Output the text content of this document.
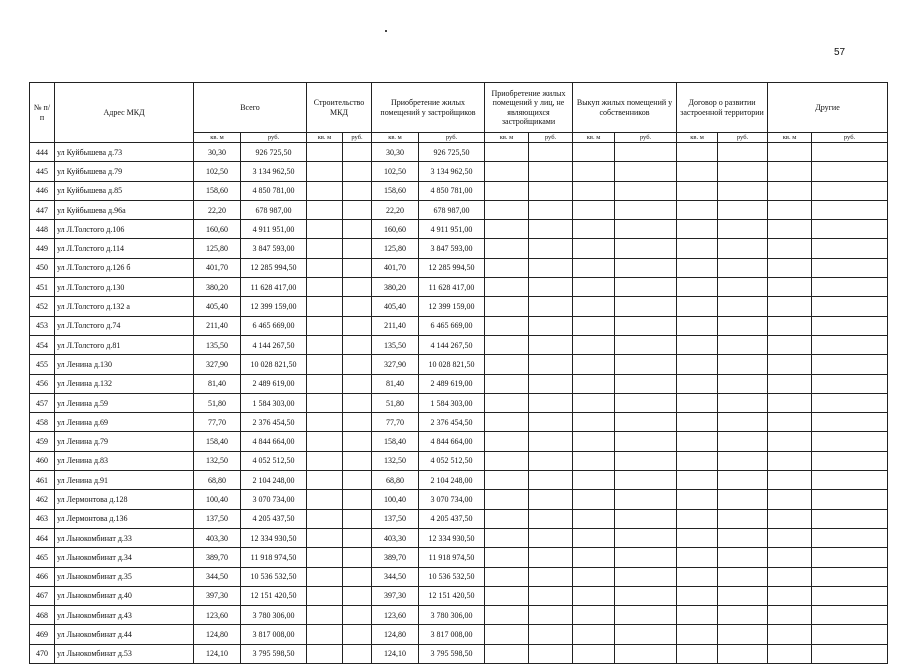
57
№ п/п	Адрес МКД	Всего		Строительство МКД		Приобретение жилых помещений у застройщиков		Приобретение жилых помещений у лиц, не являющихся застройщиками		Выкуп жилых помещений у собственников		Договор о развитии застроенной территории		Другие	
		кв. м	руб.	кв. м	руб.	кв. м	руб.	кв. м	руб.	кв. м	руб.	кв. м	руб.	кв. м	руб.
444	ул Куйбышева д.73	30,30	926 725,50			30,30	926 725,50								
445	ул Куйбышева д.79	102,50	3 134 962,50			102,50	3 134 962,50								
446	ул Куйбышева д.85	158,60	4 850 781,00			158,60	4 850 781,00								
447	ул Куйбышева д.96а	22,20	678 987,00			22,20	678 987,00								
448	ул Л.Толстого д.106	160,60	4 911 951,00			160,60	4 911 951,00								
449	ул Л.Толстого д.114	125,80	3 847 593,00			125,80	3 847 593,00								
450	ул Л.Толстого д.126 б	401,70	12 285 994,50			401,70	12 285 994,50								
451	ул Л.Толстого д.130	380,20	11 628 417,00			380,20	11 628 417,00								
452	ул Л.Толстого д.132 а	405,40	12 399 159,00			405,40	12 399 159,00								
453	ул Л.Толстого д.74	211,40	6 465 669,00			211,40	6 465 669,00								
454	ул Л.Толстого д.81	135,50	4 144 267,50			135,50	4 144 267,50								
455	ул Ленина д.130	327,90	10 028 821,50			327,90	10 028 821,50								
456	ул Ленина д.132	81,40	2 489 619,00			81,40	2 489 619,00								
457	ул Ленина д.59	51,80	1 584 303,00			51,80	1 584 303,00								
458	ул Ленина д.69	77,70	2 376 454,50			77,70	2 376 454,50								
459	ул Ленина д.79	158,40	4 844 664,00			158,40	4 844 664,00								
460	ул Ленина д.83	132,50	4 052 512,50			132,50	4 052 512,50								
461	ул Ленина д.91	68,80	2 104 248,00			68,80	2 104 248,00								
462	ул Лермонтова д.128	100,40	3 070 734,00			100,40	3 070 734,00								
463	ул Лермонтова д.136	137,50	4 205 437,50			137,50	4 205 437,50								
464	ул Льнокомбинат д.33	403,30	12 334 930,50			403,30	12 334 930,50								
465	ул Льнокомбинат д.34	389,70	11 918 974,50			389,70	11 918 974,50								
466	ул Льнокомбинат д.35	344,50	10 536 532,50			344,50	10 536 532,50								
467	ул Льнокомбинат д.40	397,30	12 151 420,50			397,30	12 151 420,50								
468	ул Льнокомбинат д.43	123,60	3 780 306,00			123,60	3 780 306,00								
469	ул Льнокомбинат д.44	124,80	3 817 008,00			124,80	3 817 008,00								
470	ул Льнокомбинат д.53	124,10	3 795 598,50			124,10	3 795 598,50								
